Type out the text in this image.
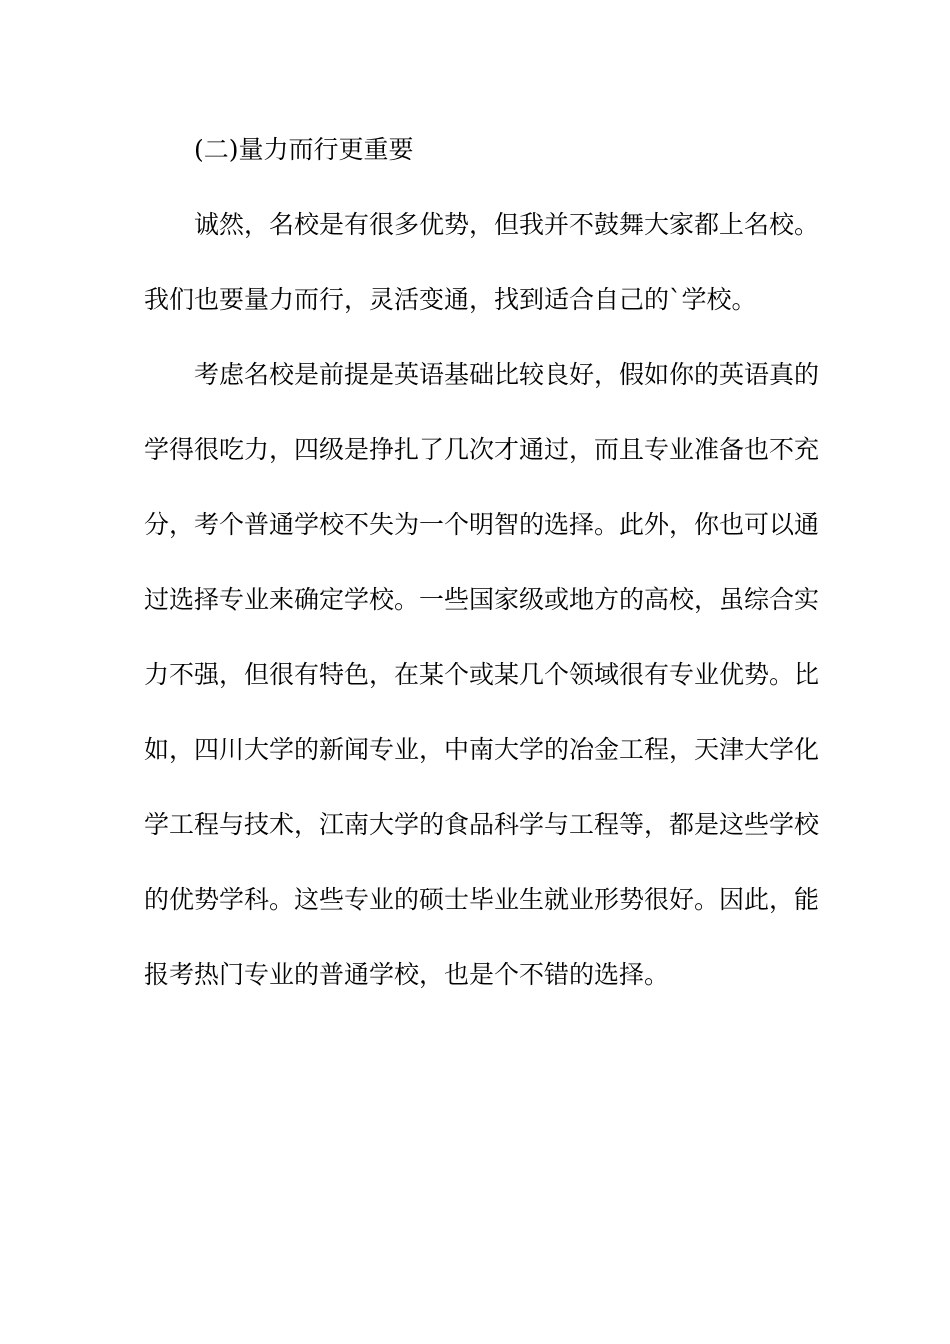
(二)量力而行更重要
诚然，名校是有很多优势，但我并不鼓舞大家都上名校。
我们也要量力而行，灵活变通，找到适合自己的`学校。
考虑名校是前提是英语基础比较良好，假如你的英语真的
学得很吃力，四级是挣扎了几次才通过，而且专业准备也不充
分，考个普通学校不失为一个明智的选择。此外，你也可以通
过选择专业来确定学校。一些国家级或地方的高校，虽综合实
力不强，但很有特色，在某个或某几个领域很有专业优势。比
如，四川大学的新闻专业，中南大学的冶金工程，天津大学化
学工程与技术，江南大学的食品科学与工程等，都是这些学校
的优势学科。这些专业的硕士毕业生就业形势很好。因此，能
报考热门专业的普通学校，也是个不错的选择。
